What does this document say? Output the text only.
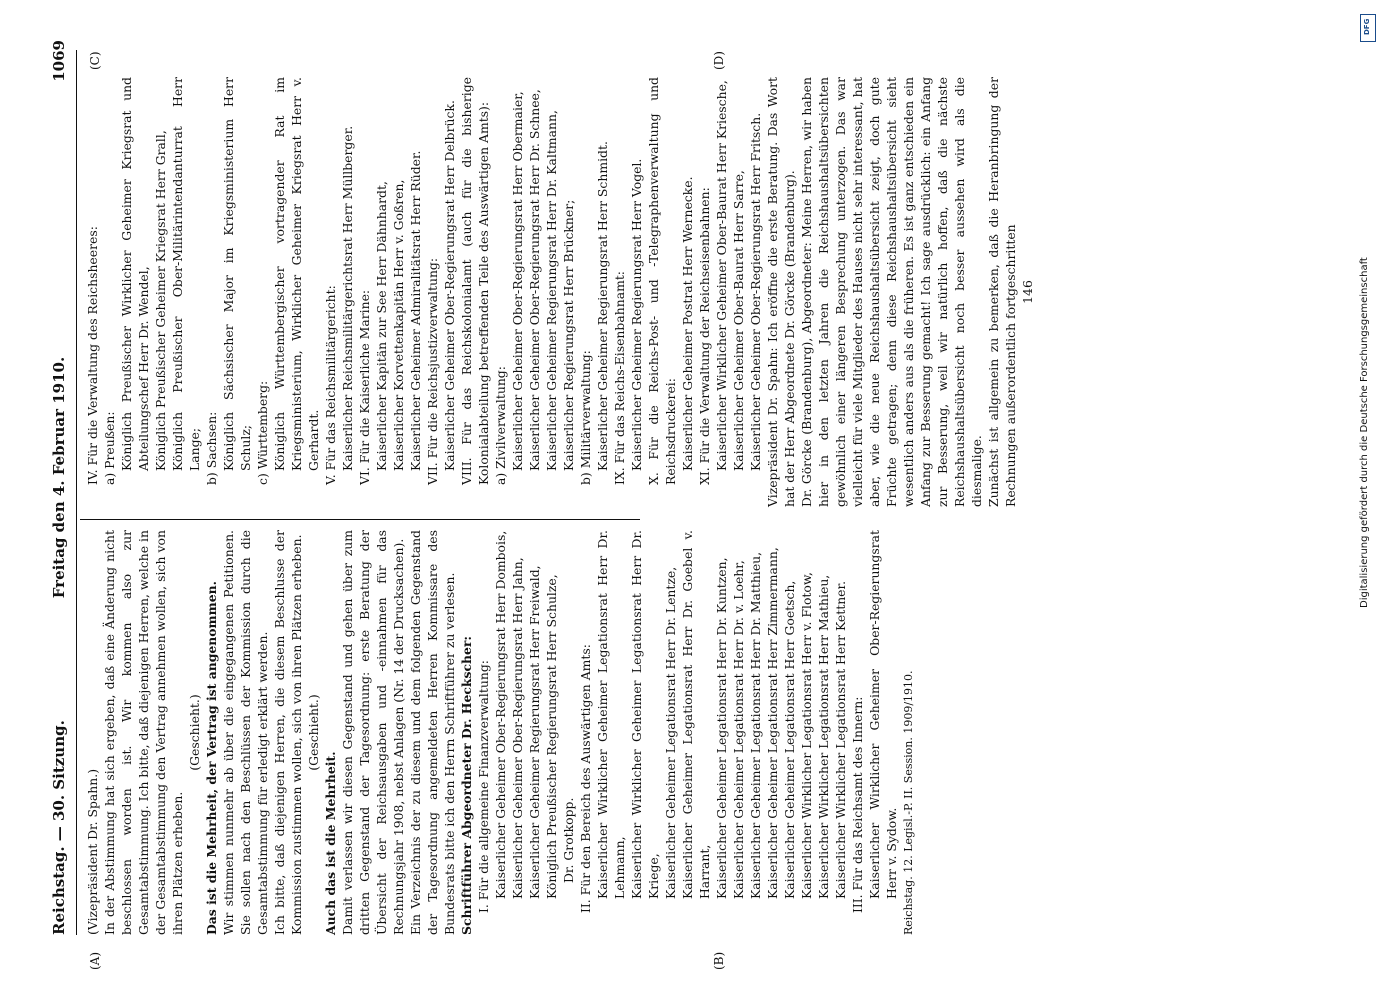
Reichstag. — 30. Sitzung.
Freitag den 4. Februar 1910.
1069
(A)	(B)
(C)	(D)

(Vizepräsident Dr. Spahn.) In der Abstimmung hat sich ergeben, daß eine Änderung nicht beschlossen worden ist. Wir kommen also zur Gesamtabstimmung. Ich bitte, daß diejenigen Herren, welche in der Gesamtabstimmung den Vertrag annehmen wollen, sich von ihren Plätzen erheben.

(Geschieht.) Das ist die Mehrheit, der Vertrag ist angenommen. Wir stimmen nunmehr ab über die eingegangenen Petitionen. Sie sollen nach den Beschlüssen der Kommission durch die Gesamtabstimmung für erledigt erklärt werden. Ich bitte, daß diejenigen Herren, die diesem Beschlusse der Kommission zustimmen wollen, sich von ihren Plätzen erheben. (Geschieht.)

Auch das ist die Mehrheit. Damit verlassen wir diesen Gegenstand und gehen über zum dritten Gegenstand der Tagesordnung: erste Beratung der Übersicht der Reichsausgaben und -einnahmen für das Rechnungsjahr 1908, nebst Anlagen (Nr. 14 der Drucksachen). Ein Verzeichnis der zu diesem und dem folgenden Gegenstand der Tagesordnung angemeldeten Herren Kommissare des Bundesrats bitte ich den Herrn Schriftführer zu verlesen. Schriftführer Abgeordneter Dr. Heckscher: I. Für die allgemeine Finanzverwaltung: Kaiserlicher Geheimer Ober-Regierungsrat Herr Dombois, Kaiserlicher Geheimer Ober-Regierungsrat Herr Jahn, Kaiserlicher Geheimer Regierungsrat Herr Freiwald, Königlich Preußischer Regierungsrat Herr Schulze, Dr. Grotkopp. II. Für den Bereich des Auswärtigen Amts: Kaiserlicher Wirklicher Geheimer Legationsrat Herr Dr. Lehmann, Kaiserlicher Wirklicher Geheimer Legationsrat Herr Dr. Kriege, Kaiserlicher Geheimer Legationsrat Herr Dr. Lentze, Kaiserlicher Geheimer Legationsrat Herr Dr. Goebel v. Harrant, Kaiserlicher Geheimer Legationsrat Herr Dr. Kuntzen, Kaiserlicher Geheimer Legationsrat Herr Dr. v. Loehr, Kaiserlicher Geheimer Legationsrat Herr Dr. Matthieu, Kaiserlicher Geheimer Legationsrat Herr Zimmermann, Kaiserlicher Geheimer Legationsrat Herr Goetsch, Kaiserlicher Wirklicher Legationsrat Herr v. Flotow, Kaiserlicher Wirklicher Legationsrat Herr Mathieu, Kaiserlicher Wirklicher Legationsrat Herr Kettner. III. Für das Reichsamt des Innern: Kaiserlicher Wirklicher Geheimer Ober-Regierungsrat Herr v. Sydow. Reichstag. 12. Legisl.-P. II. Session. 1909/1910.

IV. Für die Verwaltung des Reichsheeres: a) Preußen: Königlich Preußischer Wirklicher Geheimer Kriegsrat und Abteilungschef Herr Dr. Wendel, Königlich Preußischer Geheimer Kriegsrat Herr Grall, Königlich Preußischer Ober-Militärintendanturrat Herr Lange; b) Sachsen: Königlich Sächsischer Major im Kriegsministerium Herr Schulz; c) Württemberg: Königlich Württembergischer vortragender Rat im Kriegsministerium, Wirklicher Geheimer Kriegsrat Herr v. Gerhardt. V. Für das Reichsmilitärgericht: Kaiserlicher Reichsmilitärgerichtsrat Herr Müllberger. VI. Für die Kaiserliche Marine: Kaiserlicher Kapitän zur See Herr Dähnhardt, Kaiserlicher Korvettenkapitän Herr v. Goßren, Kaiserlicher Geheimer Admiralitätsrat Herr Rüder. VII. Für die Reichsjustizverwaltung: Kaiserlicher Geheimer Ober-Regierungsrat Herr Delbrück. VIII. Für das Reichskolonialamt (auch für die bisherige Kolonialabteilung betreffenden Teile des Auswärtigen Amts): a) Zivilverwaltung: Kaiserlicher Geheimer Ober-Regierungsrat Herr Obermaier, Kaiserlicher Geheimer Ober-Regierungsrat Herr Dr. Schnee, Kaiserlicher Geheimer Regierungsrat Herr Dr. Kaltmann, Kaiserlicher Regierungsrat Herr Brückner; b) Militärverwaltung: Kaiserlicher Geheimer Regierungsrat Herr Schmidt. IX. Für das Reichs-Eisenbahnamt: Kaiserlicher Geheimer Regierungsrat Herr Vogel. X. Für die Reichs-Post- und -Telegraphenverwaltung und Reichsdruckerei: Kaiserlicher Geheimer Postrat Herr Wernecke. XI. Für die Verwaltung der Reichseisenbahnen: Kaiserlicher Wirklicher Geheimer Ober-Baurat Herr Kriesche, Kaiserlicher Geheimer Ober-Baurat Herr Sarre, Kaiserlicher Geheimer Ober-Regierungsrat Herr Fritsch. Vizepräsident Dr. Spahn: Ich eröffne die erste Beratung. Das Wort hat der Herr Abgeordnete Dr. Görcke (Brandenburg). Dr. Görcke (Brandenburg), Abgeordneter: Meine Herren, wir haben hier in den letzten Jahren die Reichshaushaltsübersichten gewöhnlich einer längeren Besprechung unterzogen. Das war vielleicht für viele Mitglieder des Hauses nicht sehr interessant, hat aber, wie die neue Reichshaushaltsübersicht zeigt, doch gute Früchte getragen; denn diese Reichshaushaltsübersicht sieht wesentlich anders aus als die früheren. Es ist ganz entschieden ein Anfang zur Besserung gemacht! Ich sage ausdrücklich: ein Anfang zur Besserung, weil wir natürlich hoffen, daß die nächste Reichshaushaltsübersicht noch besser aussehen wird als die diesmalige. Zunächst ist allgemein zu bemerken, daß die Heranbringung der Rechnungen außerordentlich fortgeschritten 146

DFG
Digitalisierung gefördert durch die Deutsche Forschungsgemeinschaft
